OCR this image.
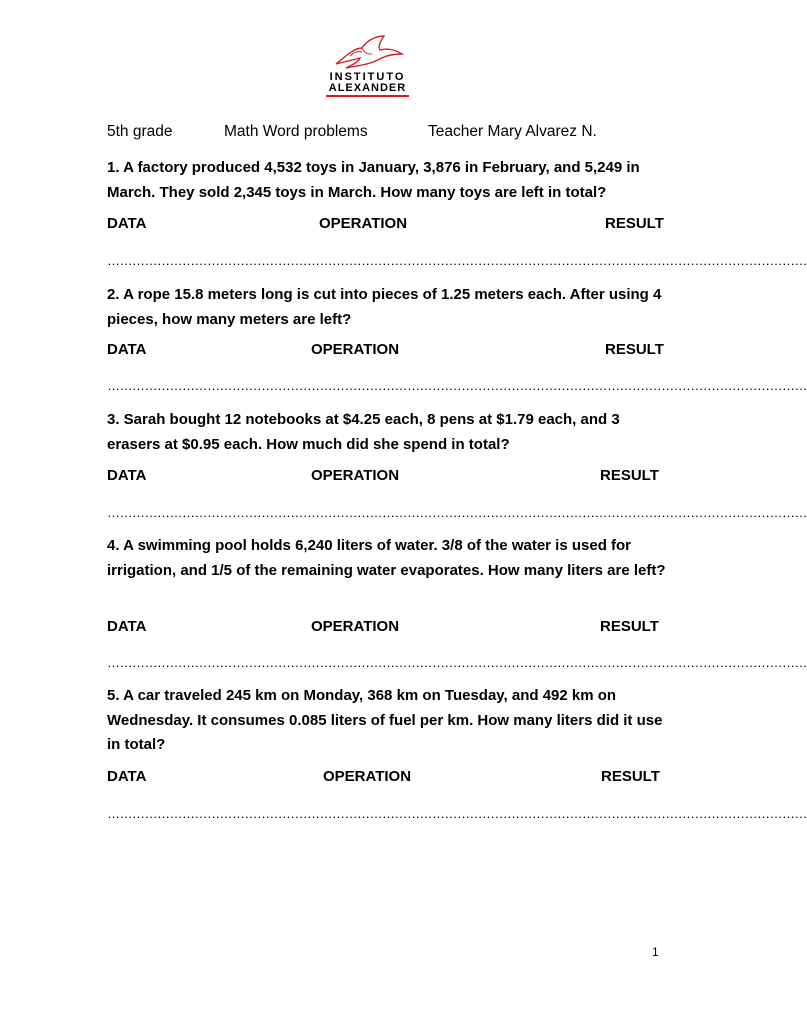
INSTITUTO
ALEXANDER
5th grade	Math Word problems	Teacher Mary Alvarez N.

1. A factory produced 4,532 toys in January, 3,876 in February, and 5,249 in March. They sold 2,345 toys in March. How many toys are left in total?

DATA	OPERATION	RESULT
……………………………………………………………………………………………………………………………………………………

2. A rope 15.8 meters long is cut into pieces of 1.25 meters each. After using 4 pieces, how many meters are left?

DATA	OPERATION	RESULT
……………………………………………………………………………………………………………………………………………………

3. Sarah bought 12 notebooks at $4.25 each, 8 pens at $1.79 each, and 3 erasers at $0.95 each. How much did she spend in total?

DATA	OPERATION	RESULT
……………………………………………………………………………………………………………………………………………………

4. A swimming pool holds 6,240 liters of water. 3/8 of the water is used for irrigation, and 1/5 of the remaining water evaporates. How many liters are left?

DATA	OPERATION	RESULT
……………………………………………………………………………………………………………………………………………………

5. A car traveled 245 km on Monday, 368 km on Tuesday, and 492 km on Wednesday. It consumes 0.085 liters of fuel per km. How many liters did it use in total?

DATA	OPERATION	RESULT
……………………………………………………………………………………………………………………………………………………
1
